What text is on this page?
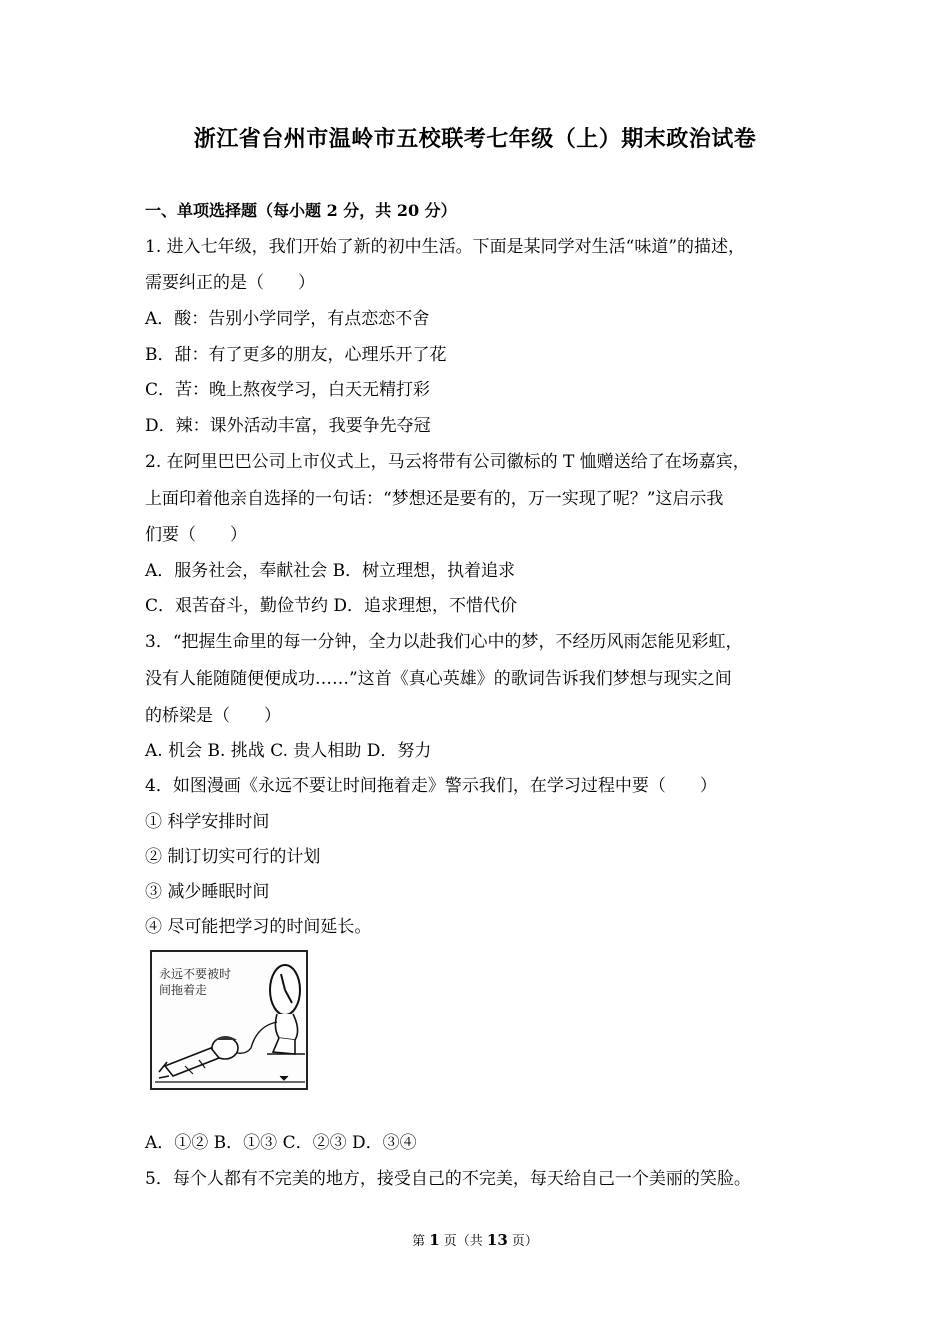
浙江省台州市温岭市五校联考七年级（上）期末政治试卷
一、单项选择题（每小题 2 分，共 20 分）
1. 进入七年级，我们开始了新的初中生活。下面是某同学对生活“味道”的描述，
需要纠正的是（　　）
A．酸：告别小学同学，有点恋恋不舍
B．甜：有了更多的朋友，心理乐开了花
C．苦：晚上熬夜学习，白天无精打彩
D．辣：课外活动丰富，我要争先夺冠
2. 在阿里巴巴公司上市仪式上，马云将带有公司徽标的 T 恤赠送给了在场嘉宾，
上面印着他亲自选择的一句话：“梦想还是要有的，万一实现了呢？”这启示我
们要（　　）
A．服务社会，奉献社会 B．树立理想，执着追求
C．艰苦奋斗，勤俭节约 D．追求理想，不惜代价
3．“把握生命里的每一分钟，全力以赴我们心中的梦，不经历风雨怎能见彩虹，
没有人能随随便便成功……”这首《真心英雄》的歌词告诉我们梦想与现实之间
的桥梁是（　　）
A. 机会 B. 挑战 C. 贵人相助 D．努力
4．如图漫画《永远不要让时间拖着走》警示我们，在学习过程中要（　　）
① 科学安排时间
② 制订切实可行的计划
③ 减少睡眠时间
④ 尽可能把学习的时间延长。
永远不要被时
间拖着走
A．①② B．①③ C．②③ D．③④
5．每个人都有不完美的地方，接受自己的不完美，每天给自己一个美丽的笑脸。
第 1 页（共 13 页）
